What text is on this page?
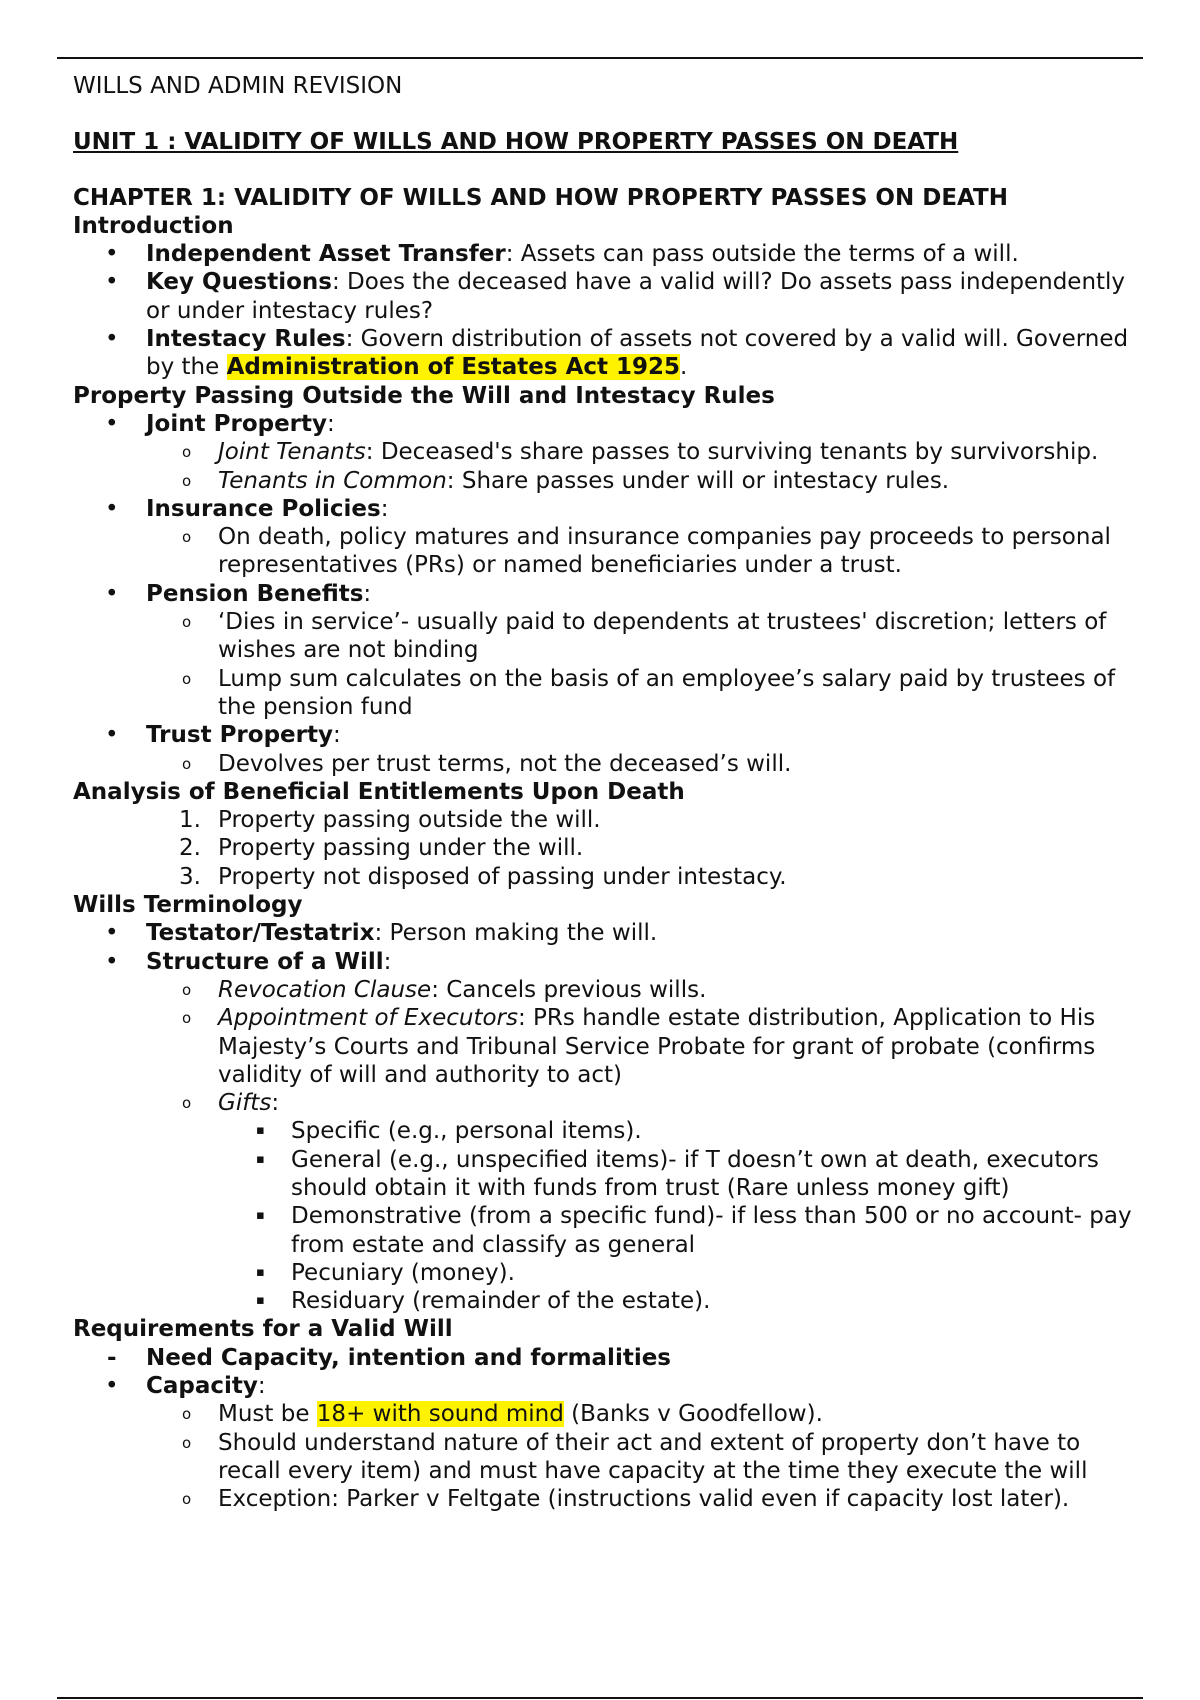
WILLS AND ADMIN REVISION
UNIT 1 : VALIDITY OF WILLS AND HOW PROPERTY PASSES ON DEATH
CHAPTER 1: VALIDITY OF WILLS AND HOW PROPERTY PASSES ON DEATH
Introduction
• Independent Asset Transfer: Assets can pass outside the terms of a will.
• Key Questions: Does the deceased have a valid will? Do assets pass independently or under intestacy rules?
• Intestacy Rules: Govern distribution of assets not covered by a valid will. Governed by the Administration of Estates Act 1925.
Property Passing Outside the Will and Intestacy Rules
• Joint Property:
o Joint Tenants: Deceased's share passes to surviving tenants by survivorship.
o Tenants in Common: Share passes under will or intestacy rules.
• Insurance Policies:
o On death, policy matures and insurance companies pay proceeds to personal representatives (PRs) or named beneficiaries under a trust.
• Pension Benefits:
o ‘Dies in service’- usually paid to dependents at trustees' discretion; letters of wishes are not binding
o Lump sum calculates on the basis of an employee’s salary paid by trustees of the pension fund
• Trust Property:
o Devolves per trust terms, not the deceased’s will.
Analysis of Beneficial Entitlements Upon Death
1. Property passing outside the will.
2. Property passing under the will.
3. Property not disposed of passing under intestacy.
Wills Terminology
• Testator/Testatrix: Person making the will.
• Structure of a Will:
o Revocation Clause: Cancels previous wills.
o Appointment of Executors: PRs handle estate distribution, Application to His Majesty’s Courts and Tribunal Service Probate for grant of probate (confirms validity of will and authority to act)
o Gifts:
▪ Specific (e.g., personal items).
▪ General (e.g., unspecified items)- if T doesn’t own at death, executors should obtain it with funds from trust (Rare unless money gift)
▪ Demonstrative (from a specific fund)- if less than 500 or no account- pay from estate and classify as general
▪ Pecuniary (money).
▪ Residuary (remainder of the estate).
Requirements for a Valid Will
- Need Capacity, intention and formalities
• Capacity:
o Must be 18+ with sound mind (Banks v Goodfellow).
o Should understand nature of their act and extent of property don’t have to recall every item) and must have capacity at the time they execute the will
o Exception: Parker v Feltgate (instructions valid even if capacity lost later).
